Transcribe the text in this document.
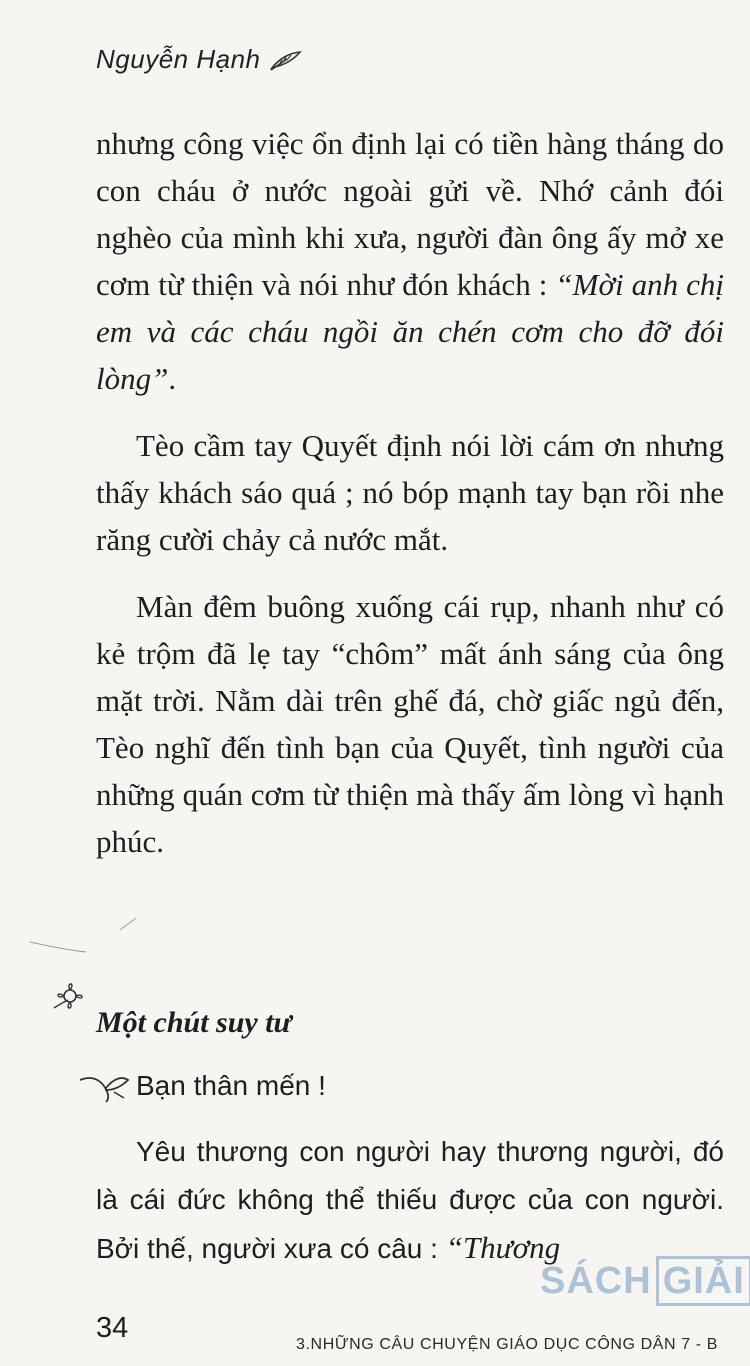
Nguyễn Hạnh

nhưng công việc ổn định lại có tiền hàng tháng do con cháu ở nước ngoài gửi về. Nhớ cảnh đói nghèo của mình khi xưa, người đàn ông ấy mở xe cơm từ thiện và nói như đón khách : “Mời anh chị em và các cháu ngồi ăn chén cơm cho đỡ đói lòng”.

Tèo cầm tay Quyết định nói lời cám ơn nhưng thấy khách sáo quá ; nó bóp mạnh tay bạn rồi nhe răng cười chảy cả nước mắt.

Màn đêm buông xuống cái rụp, nhanh như có kẻ trộm đã lẹ tay “chôm” mất ánh sáng của ông mặt trời. Nằm dài trên ghế đá, chờ giấc ngủ đến, Tèo nghĩ đến tình bạn của Quyết, tình người của những quán cơm từ thiện mà thấy ấm lòng vì hạnh phúc.

Một chút suy tư
Bạn thân mến !

Yêu thương con người hay thương người, đó là cái đức không thể thiếu được của con người. Bởi thế, người xưa có câu : “Thương

SÁCH GIẢI
34
3.NHỮNG CÂU CHUYỆN GIÁO DỤC CÔNG DÂN 7 - B
